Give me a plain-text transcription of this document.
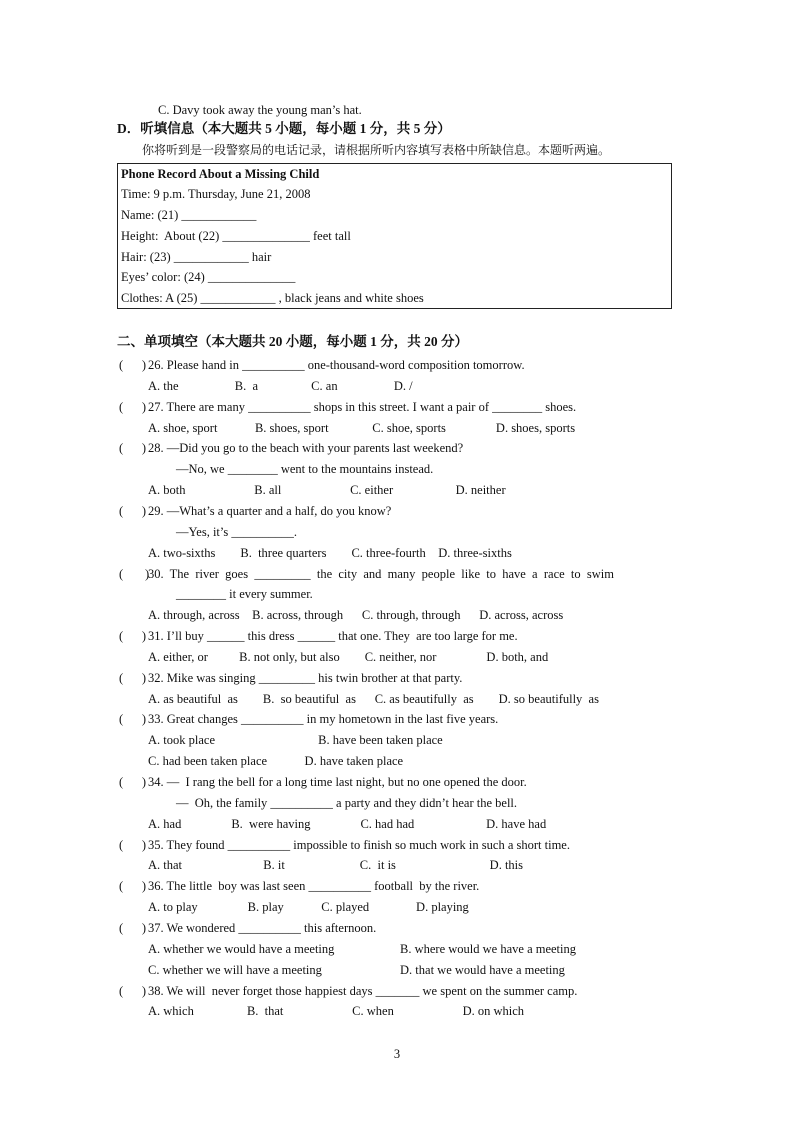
C. Davy took away the young man’s hat.
D．听填信息（本大题共 5 小题，每小题 1 分，共 5 分）
你将听到是一段警察局的电话记录，请根据所听内容填写表格中所缺信息。本题听两遍。
Phone Record About a Missing Child
Time: 9 p.m. Thursday, June 21, 2008
Name: (21) ____________
Height:  About (22) ______________ feet tall
Hair: (23) ____________ hair
Eyes’ color: (24) ______________
Clothes: A (25) ____________ , black jeans and white shoes
二、单项填空（本大题共 20 小题，每小题 1 分，共 20 分）
(      ) 26. Please hand in __________ one-thousand-word composition tomorrow.
A. the                  B.  a                 C. an                  D. /
(      ) 27. There are many __________ shops in this street. I want a pair of ________ shoes.
A. shoe, sport            B. shoes, sport              C. shoe, sports                D. shoes, sports
(      ) 28. —Did you go to the beach with your parents last weekend?
—No, we ________ went to the mountains instead.
A. both                      B. all                      C. either                    D. neither
(      ) 29. —What’s a quarter and a half, do you know?
—Yes, it’s __________.
A. two-sixths        B.  three quarters        C. three-fourth    D. three-sixths
(       )
30.  The  river  goes  _________  the  city  and  many  people  like  to  have  a  race  to  swim
________ it every summer.
A. through, across    B. across, through      C. through, through      D. across, across
(      ) 31. I’ll buy ______ this dress ______ that one. They  are too large for me.
A. either, or          B. not only, but also        C. neither, nor                D. both, and
(      ) 32. Mike was singing _________ his twin brother at that party.
A. as beautiful  as        B.  so beautiful  as      C. as beautifully  as        D. so beautifully  as
(      ) 33. Great changes __________ in my hometown in the last five years.
A. took place                                 B. have been taken place
C. had been taken place            D. have taken place
(      ) 34. —  I rang the bell for a long time last night, but no one opened the door.
—  Oh, the family __________ a party and they didn’t hear the bell.
A. had                B.  were having                C. had had                       D. have had
(      ) 35. They found __________ impossible to finish so much work in such a short time.
A. that                          B. it                        C.  it is                              D. this
(      ) 36. The little  boy was last seen __________ football  by the river.
A. to play                B. play            C. played               D. playing
(      ) 37. We wondered __________ this afternoon.
A. whether we would have a meeting                     B. where would we have a meeting
C. whether we will have a meeting                         D. that we would have a meeting
(      ) 38. We will  never forget those happiest days _______ we spent on the summer camp.
A. which                 B.  that                      C. when                      D. on which
3
